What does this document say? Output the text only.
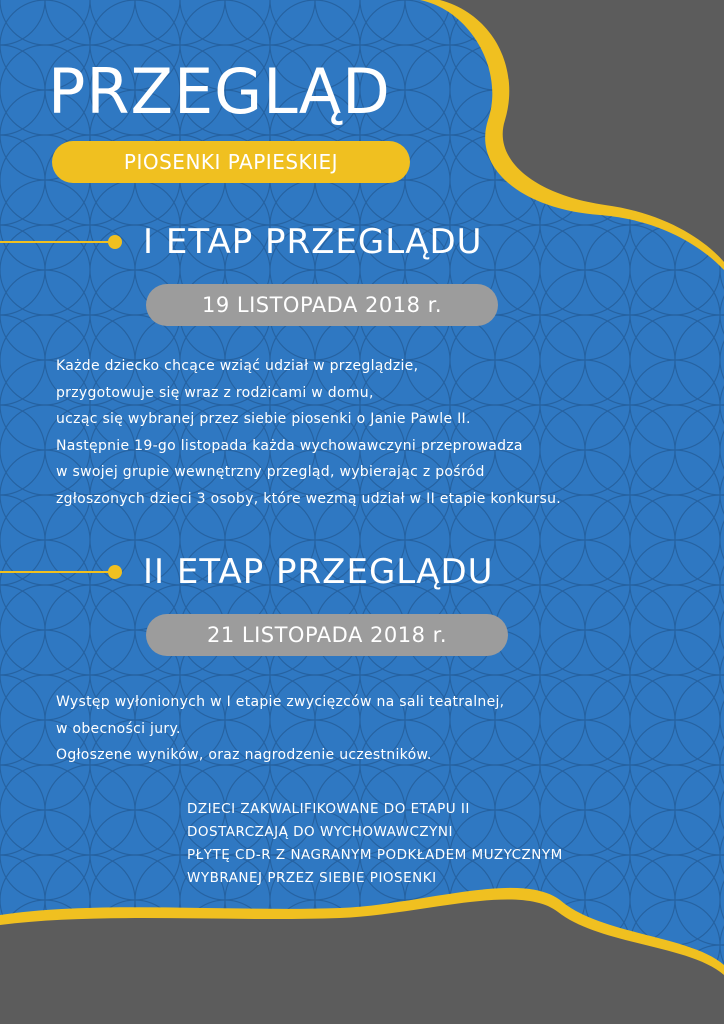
PRZEGLĄD
PIOSENKI PAPIESKIEJ
I ETAP PRZEGLĄDU
19 LISTOPADA 2018 r.
Każde dziecko chcące wziąć udział w przeglądzie,
przygotowuje się wraz z rodzicami w domu,
ucząc się wybranej przez siebie piosenki o Janie Pawle II.
Następnie 19-go listopada każda wychowawczyni przeprowadza
w swojej grupie wewnętrzny przegląd, wybierając z pośród
zgłoszonych dzieci 3 osoby, które wezmą udział w II etapie konkursu.
II ETAP PRZEGLĄDU
21 LISTOPADA 2018 r.
Występ wyłonionych w I etapie zwycięzców na sali teatralnej,
w obecności jury.
Ogłoszene wyników, oraz nagrodzenie uczestników.
DZIECI ZAKWALIFIKOWANE DO ETAPU II
DOSTARCZAJĄ DO WYCHOWAWCZYNI
PŁYTĘ CD-R Z NAGRANYM PODKŁADEM MUZYCZNYM
WYBRANEJ PRZEZ SIEBIE PIOSENKI
